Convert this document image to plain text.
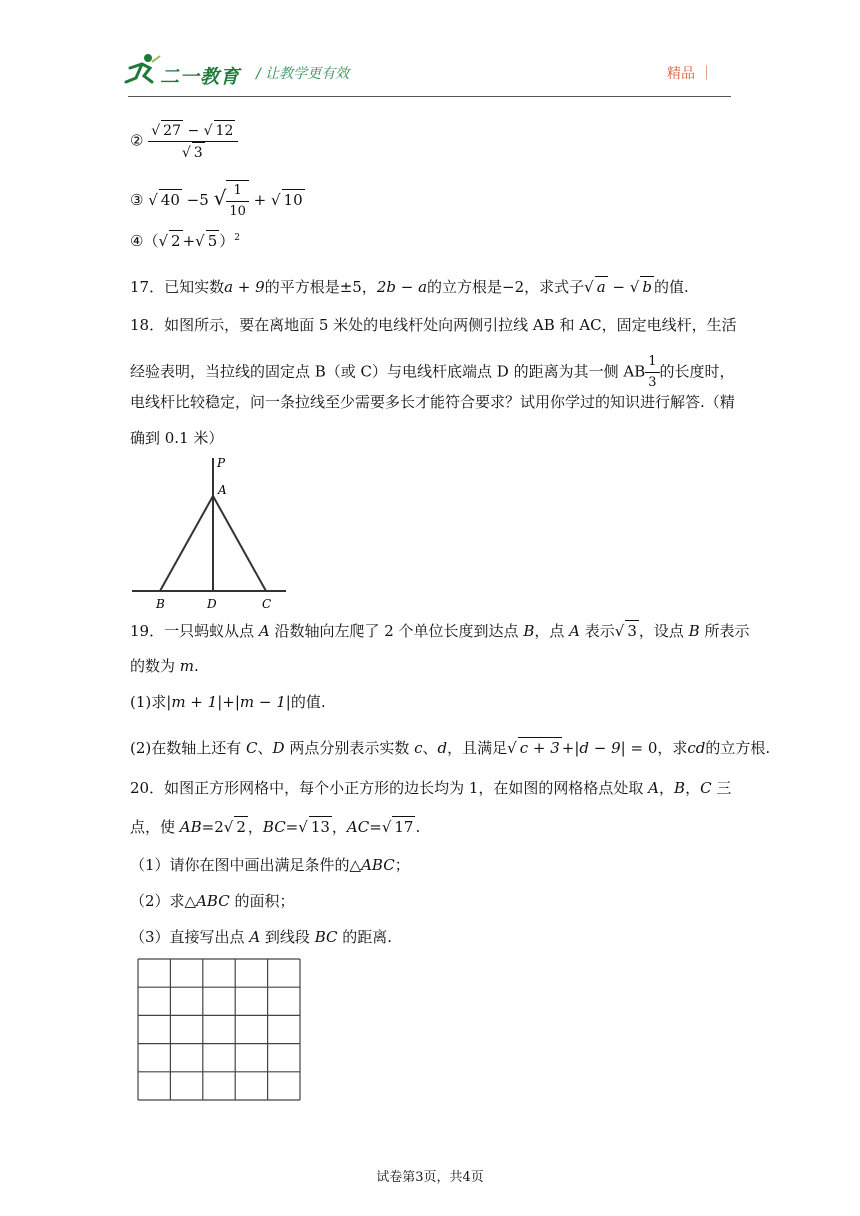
二一教育 / 让教学更有效	精品 ｜
② $\frac{√ 27 - √ 12}{√ 3}$
③ √ 40 −5 √ $\frac{1}{10}$ + √ 10
④（√ 2 +√ 5 ）$^2$
17．已知实数a + 9的平方根是±5，2b − a的立方根是−2，求式子√ a − √ b 的值.
18．如图所示，要在离地面 5 米处的电线杆处向两侧引拉线 AB 和 AC，固定电线杆，生活
经验表明，当拉线的固定点 B（或 C）与电线杆底端点 D 的距离为其一侧 AB $\frac{1}{3}$ 的长度时，
电线杆比较稳定，问一条拉线至少需要多长才能符合要求？试用你学过的知识进行解答.（精
确到 0.1 米）
P
A
B	D	C
19．一只蚂蚁从点 A 沿数轴向左爬了 2 个单位长度到达点 B，点 A 表示√ 3 ，设点 B 所表示
的数为 m.
(1)求|m + 1|+|m − 1|的值.
(2)在数轴上还有 C、D 两点分别表示实数 c、d，且满足√ c + 3 +|d − 9| = 0，求cd的立方根.
20．如图正方形网格中，每个小正方形的边长均为 1，在如图的网格格点处取 A，B，C 三
点，使 AB=2√ 2 ，BC=√ 13 ，AC=√ 17 .
（1）请你在图中画出满足条件的△ABC；
（2）求△ABC 的面积；
（3）直接写出点 A 到线段 BC 的距离.
试卷第3页，共4页
